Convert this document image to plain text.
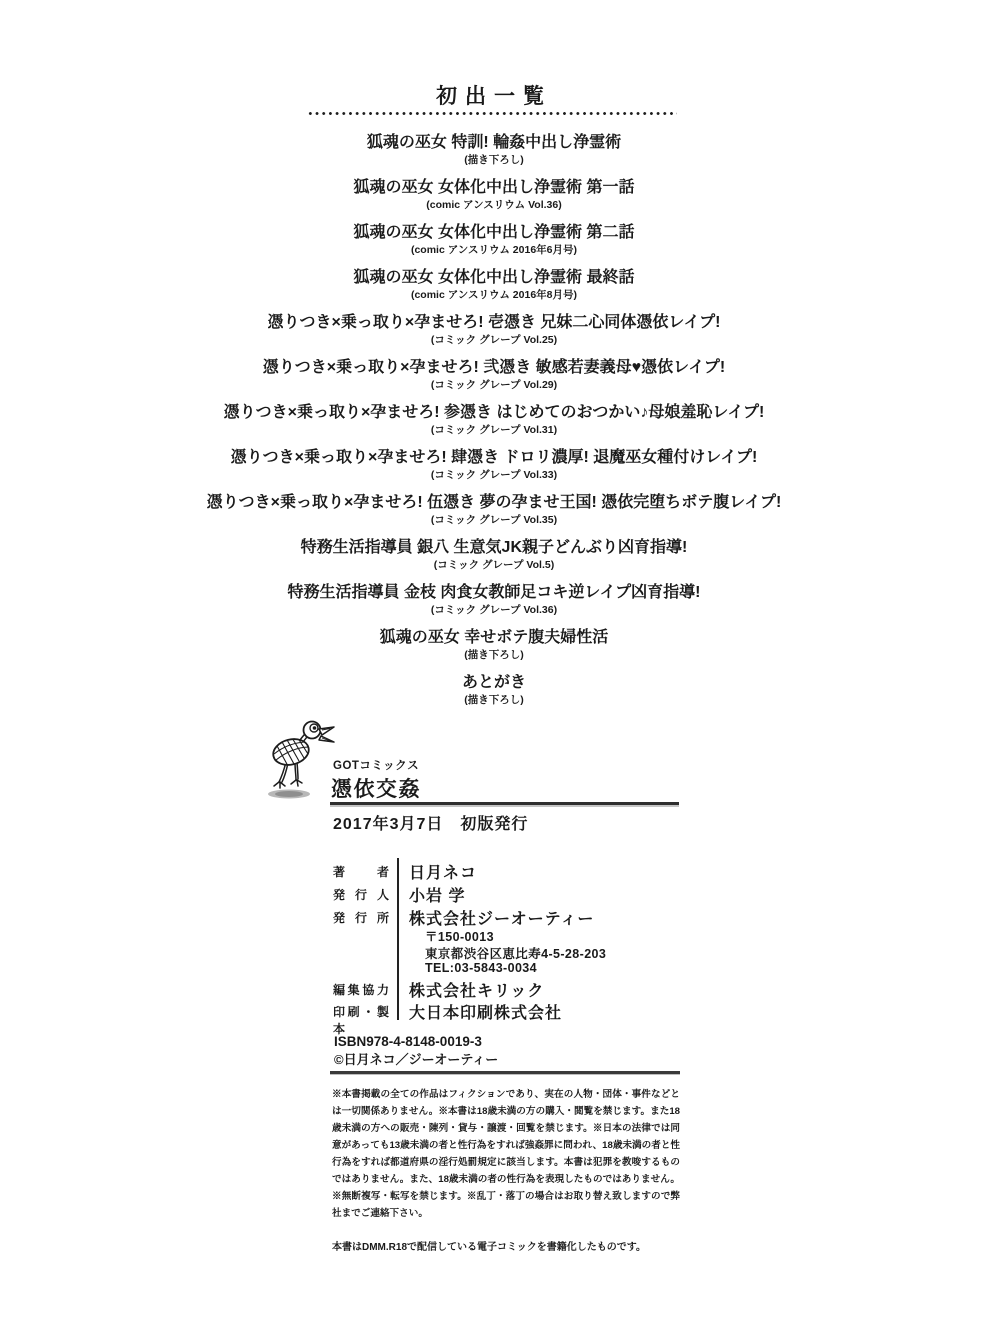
初出一覧
狐魂の巫女 特訓! 輪姦中出し浄霊術
(描き下ろし)
狐魂の巫女 女体化中出し浄霊術 第一話
(comic アンスリウム Vol.36)
狐魂の巫女 女体化中出し浄霊術 第二話
(comic アンスリウム 2016年6月号)
狐魂の巫女 女体化中出し浄霊術 最終話
(comic アンスリウム 2016年8月号)
憑りつき×乗っ取り×孕ませろ! 壱憑き 兄妹二心同体憑依レイプ!
(コミック グレープ Vol.25)
憑りつき×乗っ取り×孕ませろ! 弐憑き 敏感若妻義母♥憑依レイプ!
(コミック グレープ Vol.29)
憑りつき×乗っ取り×孕ませろ! 参憑き はじめてのおつかい♪母娘羞恥レイプ!
(コミック グレープ Vol.31)
憑りつき×乗っ取り×孕ませろ! 肆憑き ドロリ濃厚! 退魔巫女種付けレイプ!
(コミック グレープ Vol.33)
憑りつき×乗っ取り×孕ませろ! 伍憑き 夢の孕ませ王国! 憑依完堕ちボテ腹レイプ!
(コミック グレープ Vol.35)
特務生活指導員 銀八 生意気JK親子どんぶり凶育指導!
(コミック グレープ Vol.5)
特務生活指導員 金枝 肉食女教師足コキ逆レイプ凶育指導!
(コミック グレープ Vol.36)
狐魂の巫女 幸せボテ腹夫婦性活
(描き下ろし)
あとがき
(描き下ろし)
GOTコミックス
憑依交姦
2017年3月7日　初版発行
著者 日月ネコ
発行人 小岩 学
発行所 株式会社ジーオーティー
〒150-0013
東京都渋谷区恵比寿4-5-28-203
TEL:03-5843-0034
編集協力 株式会社キリック
印刷・製本
大日本印刷株式会社
ISBN978-4-8148-0019-3
©日月ネコ／ジーオーティー
※本書掲載の全ての作品はフィクションであり、実在の人物・団体・事件などとは一切関係ありません。※本書は18歳未満の方の購入・閲覧を禁じます。また18歳未満の方への販売・陳列・貸与・譲渡・回覧を禁じます。※日本の法律では同意があっても13歳未満の者と性行為をすれば強姦罪に問われ、18歳未満の者と性行為をすれば都道府県の淫行処罰規定に該当します。本書は犯罪を教唆するものではありません。また、18歳未満の者の性行為を表現したものではありません。※無断複写・転写を禁じます。※乱丁・落丁の場合はお取り替え致しますので弊社までご連絡下さい。
本書はDMM.R18で配信している電子コミックを書籍化したものです。
